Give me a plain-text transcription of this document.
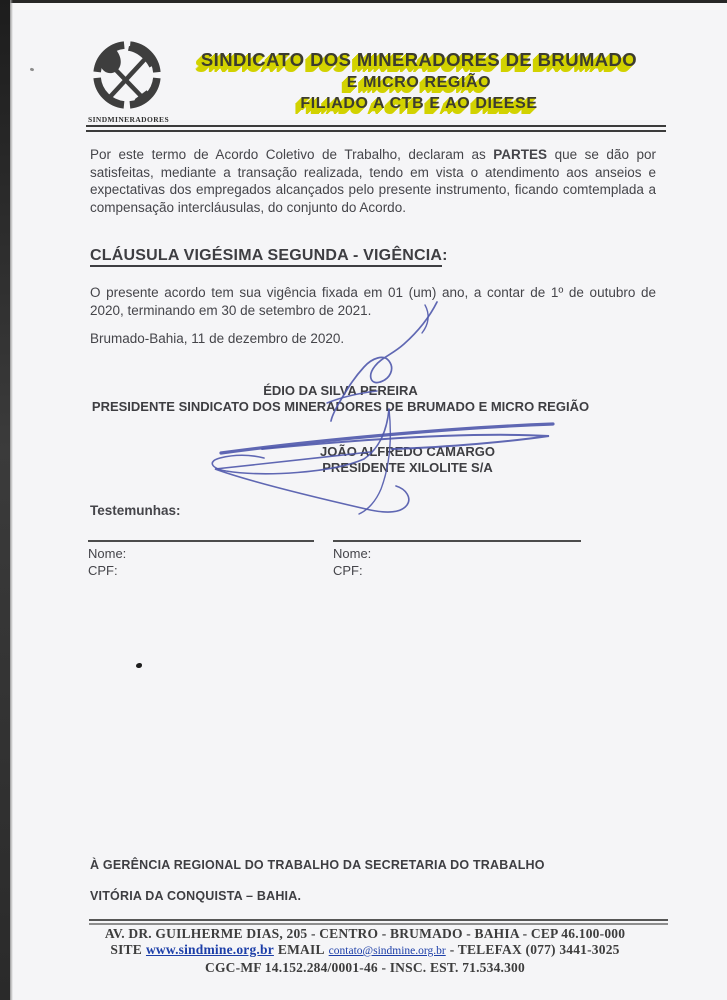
SINDMINERADORES
SINDICATO DOS MINERADORES DE BRUMADO
E MICRO REGIÃO
FILIADO A CTB E AO DIEESE
Por este termo de Acordo Coletivo de Trabalho, declaram as PARTES que se dão por satisfeitas, mediante a transação realizada, tendo em vista o atendimento aos anseios e expectativas dos empregados alcançados pelo presente instrumento, ficando comtemplada a compensação intercláusulas, do conjunto do Acordo.
CLÁUSULA VIGÉSIMA SEGUNDA - VIGÊNCIA:
O presente acordo tem sua vigência fixada em 01 (um) ano, a contar de 1º de outubro de 2020, terminando em 30 de setembro de 2021.
Brumado-Bahia, 11 de dezembro de 2020.
ÉDIO DA SILVA PEREIRA
PRESIDENTE SINDICATO DOS MINERADORES DE BRUMADO E MICRO REGIÃO
JOÃO ALFREDO CAMARGO
PRESIDENTE XILOLITE S/A
Testemunhas:
Nome:
CPF:
Nome:
CPF:
À GERÊNCIA REGIONAL DO TRABALHO DA SECRETARIA DO TRABALHO
VITÓRIA DA CONQUISTA – BAHIA.
AV. DR. GUILHERME DIAS, 205 - CENTRO - BRUMADO - BAHIA - CEP 46.100-000
SITE www.sindmine.org.br EMAIL contato@sindmine.org.br - TELEFAX (077) 3441-3025
CGC-MF 14.152.284/0001-46 - INSC. EST. 71.534.300
